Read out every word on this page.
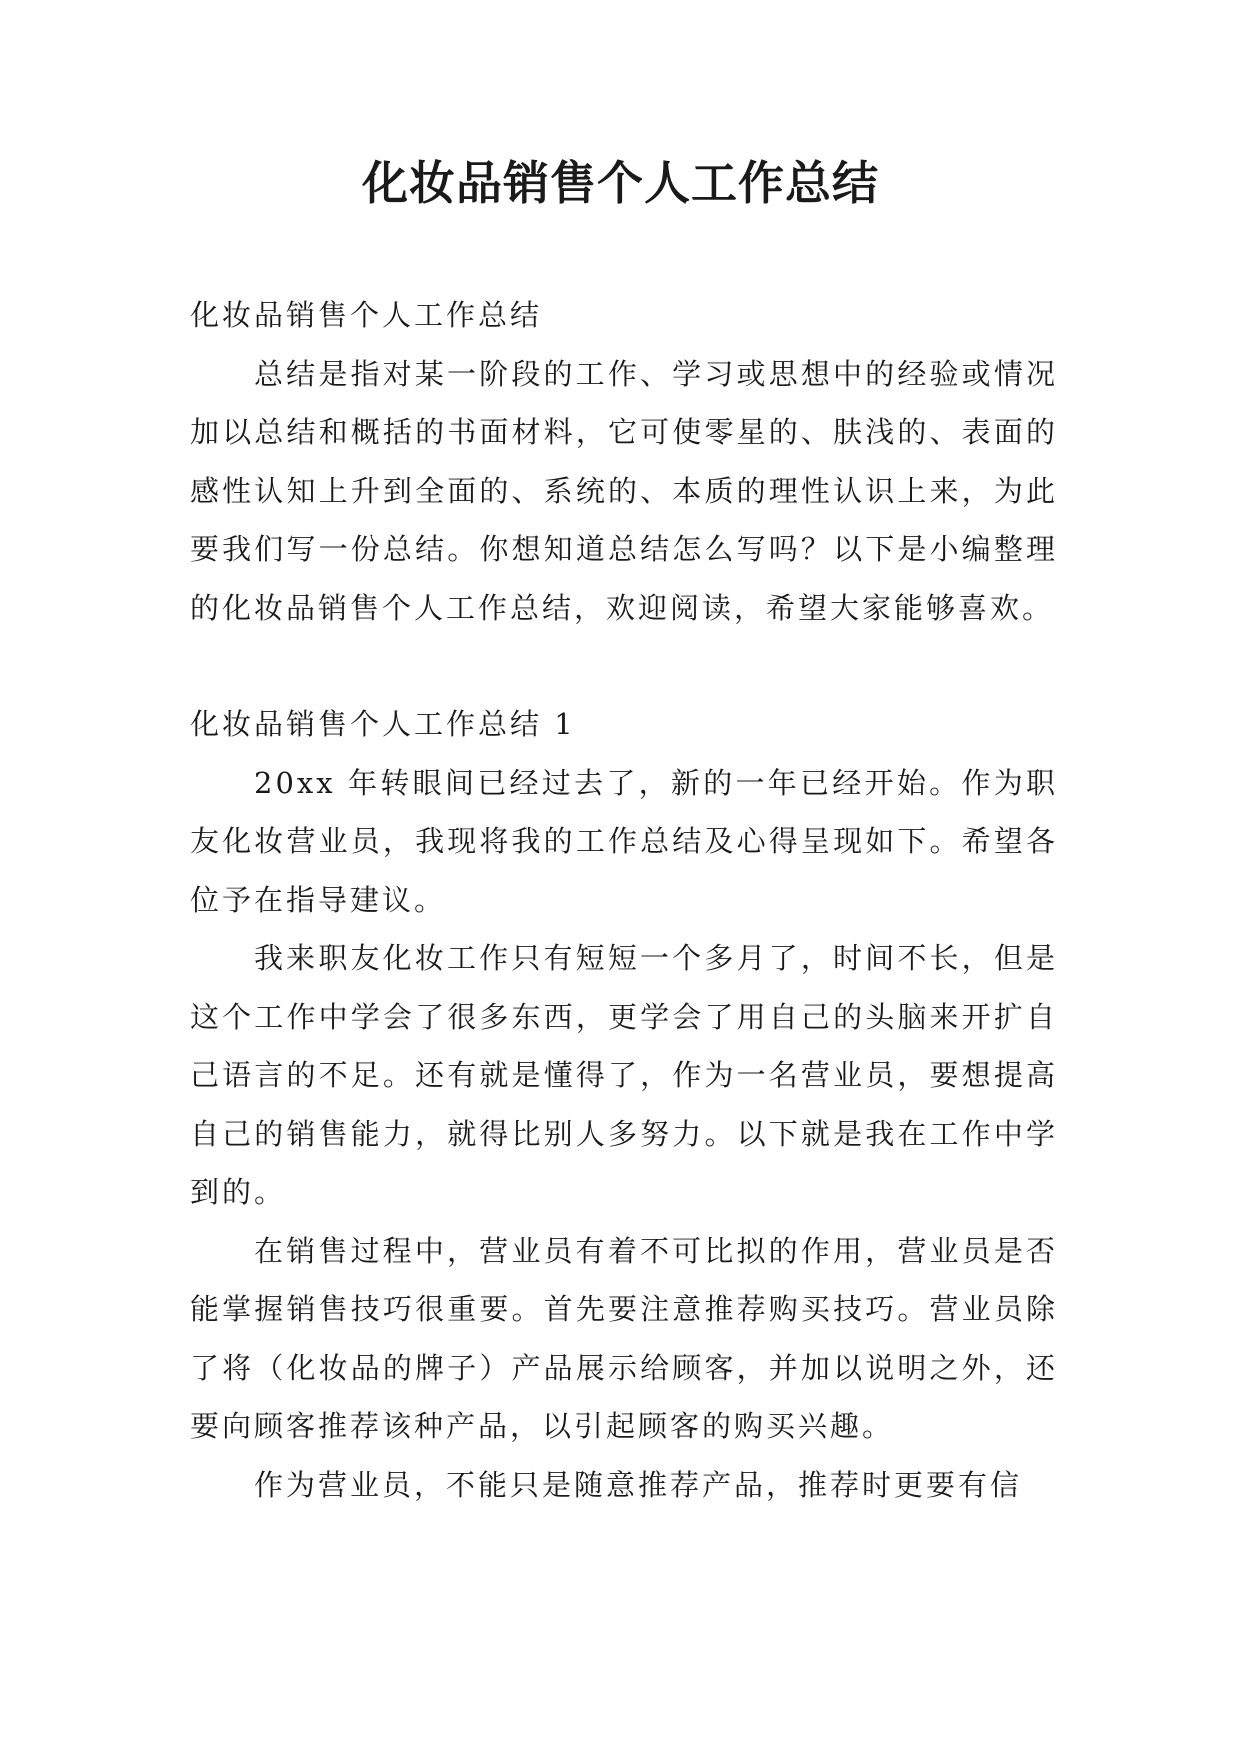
化妆品销售个人工作总结

化妆品销售个人工作总结

总结是指对某一阶段的工作、学习或思想中的经验或情况加以总结和概括的书面材料，它可使零星的、肤浅的、表面的感性认知上升到全面的、系统的、本质的理性认识上来，为此要我们写一份总结。你想知道总结怎么写吗？以下是小编整理的化妆品销售个人工作总结，欢迎阅读，希望大家能够喜欢。

化妆品销售个人工作总结 1

20xx 年转眼间已经过去了，新的一年已经开始。作为职友化妆营业员，我现将我的工作总结及心得呈现如下。希望各位予在指导建议。

我来职友化妆工作只有短短一个多月了，时间不长，但是这个工作中学会了很多东西，更学会了用自己的头脑来开扩自己语言的不足。还有就是懂得了，作为一名营业员，要想提高自己的销售能力，就得比别人多努力。以下就是我在工作中学到的。

在销售过程中，营业员有着不可比拟的作用，营业员是否能掌握销售技巧很重要。首先要注意推荐购买技巧。营业员除了将（化妆品的牌子）产品展示给顾客，并加以说明之外，还要向顾客推荐该种产品，以引起顾客的购买兴趣。

作为营业员，不能只是随意推荐产品，推荐时更要有信
